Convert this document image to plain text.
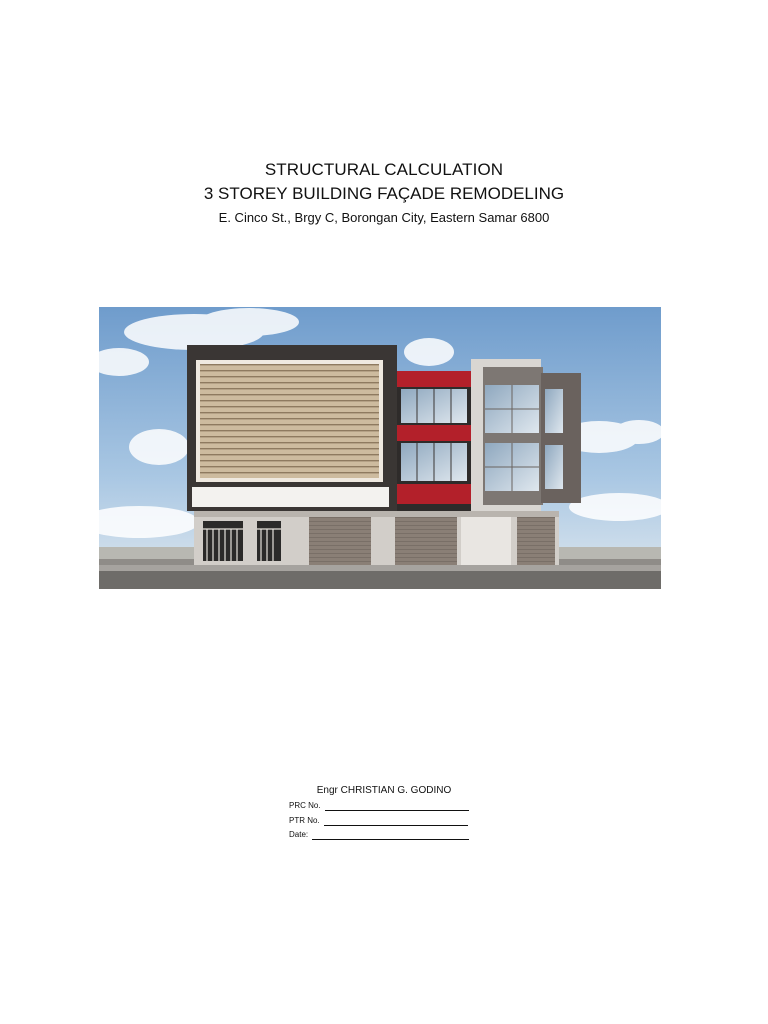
STRUCTURAL CALCULATION
3 STOREY BUILDING FAÇADE REMODELING
E. Cinco St., Brgy C, Borongan City, Eastern Samar 6800
Engr CHRISTIAN G. GODINO
PRC No.
PTR No.
Date:
